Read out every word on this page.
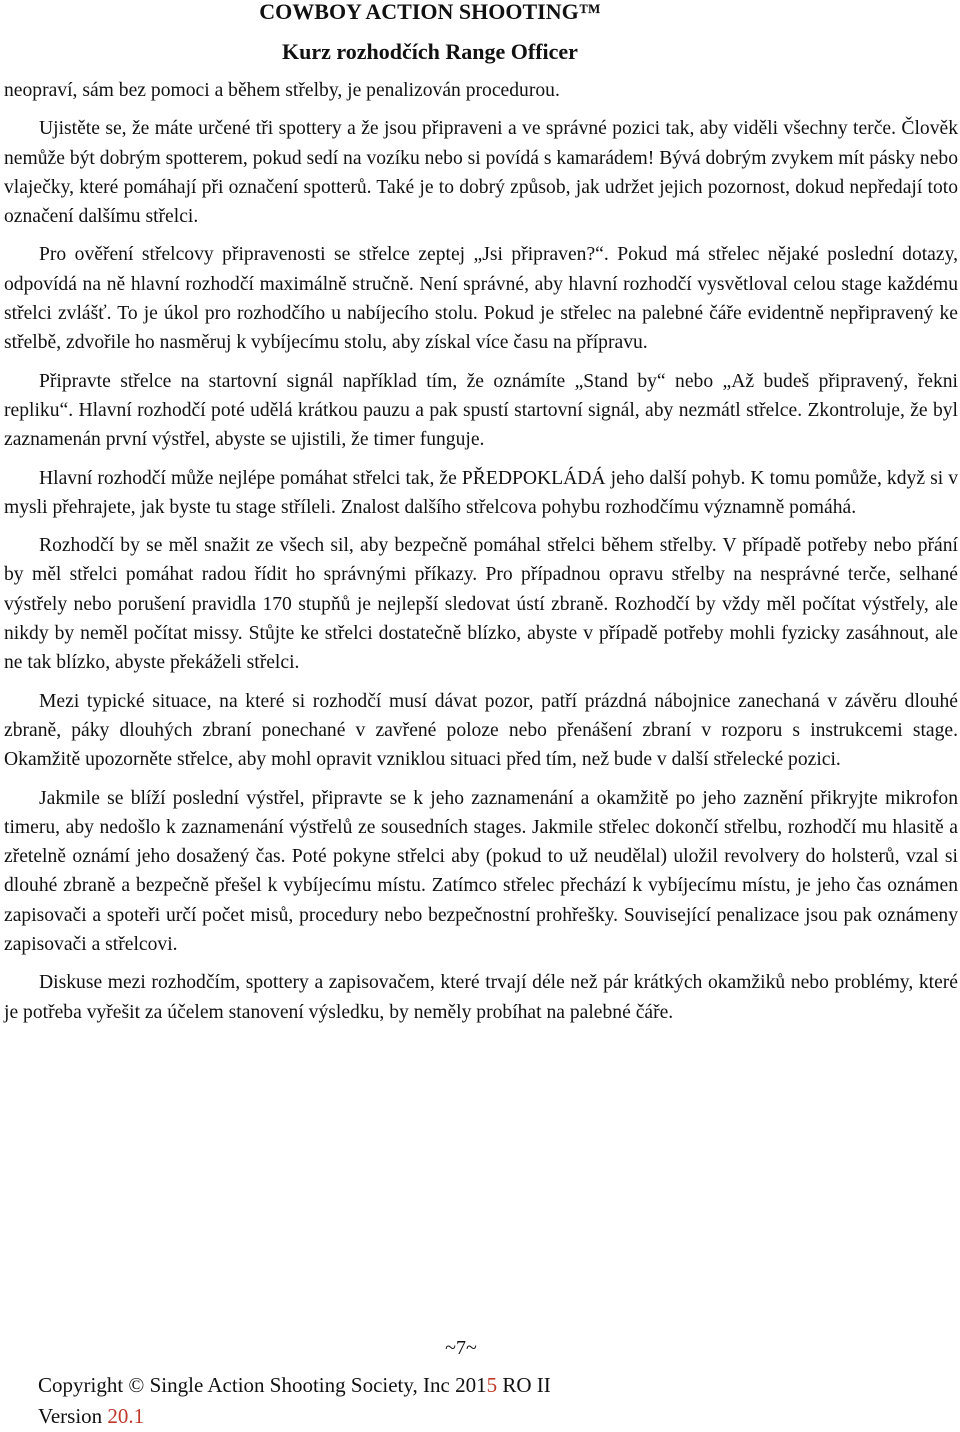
COWBOY ACTION SHOOTING™
Kurz rozhodčích Range Officer

neopraví, sám bez pomoci a během střelby, je penalizován procedurou.

Ujistěte se, že máte určené tři spottery a že jsou připraveni a ve správné pozici tak, aby viděli všechny terče. Člověk nemůže být dobrým spotterem, pokud sedí na vozíku nebo si povídá s kamarádem! Bývá dobrým zvykem mít pásky nebo vlaječky, které pomáhají při označení spotterů. Také je to dobrý způsob, jak udržet jejich pozornost, dokud nepředají toto označení dalšímu střelci.

Pro ověření střelcovy připravenosti se střelce zeptej „Jsi připraven?“. Pokud má střelec nějaké poslední dotazy, odpovídá na ně hlavní rozhodčí maximálně stručně. Není správné, aby hlavní rozhodčí vysvětloval celou stage každému střelci zvlášť. To je úkol pro rozhodčího u nabíjecího stolu. Pokud je střelec na palebné čáře evidentně nepřipravený ke střelbě, zdvořile ho nasměruj k vybíjecímu stolu, aby získal více času na přípravu.

Připravte střelce na startovní signál například tím, že oznámíte „Stand by“ nebo „Až budeš připravený, řekni repliku“. Hlavní rozhodčí poté udělá krátkou pauzu a pak spustí startovní signál, aby nezmátl střelce. Zkontroluje, že byl zaznamenán první výstřel, abyste se ujistili, že timer funguje.

Hlavní rozhodčí může nejlépe pomáhat střelci tak, že PŘEDPOKLÁDÁ jeho další pohyb. K tomu pomůže, když si v mysli přehrajete, jak byste tu stage stříleli. Znalost dalšího střelcova pohybu rozhodčímu významně pomáhá.

Rozhodčí by se měl snažit ze všech sil, aby bezpečně pomáhal střelci během střelby. V případě potřeby nebo přání by měl střelci pomáhat radou řídit ho správnými příkazy. Pro případnou opravu střelby na nesprávné terče, selhané výstřely nebo porušení pravidla 170 stupňů je nejlepší sledovat ústí zbraně. Rozhodčí by vždy měl počítat výstřely, ale nikdy by neměl počítat missy. Stůjte ke střelci dostatečně blízko, abyste v případě potřeby mohli fyzicky zasáhnout, ale ne tak blízko, abyste překáželi střelci.

Mezi typické situace, na které si rozhodčí musí dávat pozor, patří prázdná nábojnice zanechaná v závěru dlouhé zbraně, páky dlouhých zbraní ponechané v zavřené poloze nebo přenášení zbraní v rozporu s instrukcemi stage. Okamžitě upozorněte střelce, aby mohl opravit vzniklou situaci před tím, než bude v další střelecké pozici.

Jakmile se blíží poslední výstřel, připravte se k jeho zaznamenání a okamžitě po jeho zaznění přikryjte mikrofon timeru, aby nedošlo k zaznamenání výstřelů ze sousedních stages. Jakmile střelec dokončí střelbu, rozhodčí mu hlasitě a zřetelně oznámí jeho dosažený čas. Poté pokyne střelci aby (pokud to už neudělal) uložil revolvery do holsterů, vzal si dlouhé zbraně a bezpečně přešel k vybíjecímu místu. Zatímco střelec přechází k vybíjecímu místu, je jeho čas oznámen zapisovači a spoteři určí počet misů, procedury nebo bezpečnostní prohřešky. Související penalizace jsou pak oznámeny zapisovači a střelcovi.

Diskuse mezi rozhodčím, spottery a zapisovačem, které trvají déle než pár krátkých okamžiků nebo problémy, které je potřeba vyřešit za účelem stanovení výsledku, by neměly probíhat na palebné čáře.

~7~
Copyright © Single Action Shooting Society, Inc 2015 RO II
Version 20.1
